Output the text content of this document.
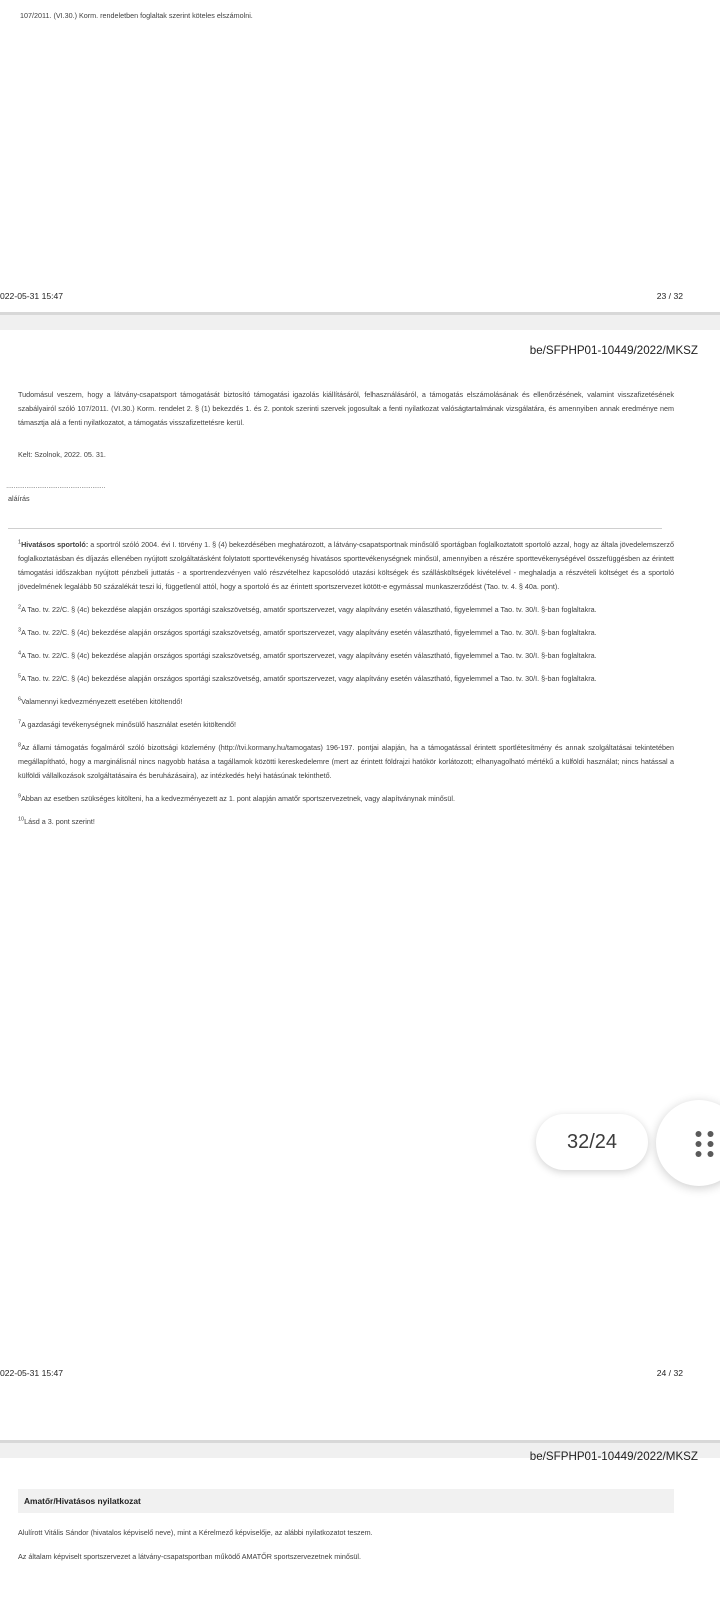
107/2011. (VI.30.) Korm. rendeletben foglaltak szerint köteles elszámolni.
022-05-31 15:47	23 / 32
be/SFPHP01-10449/2022/MKSZ
Tudomásul veszem, hogy a látvány-csapatsport támogatását biztosító támogatási igazolás kiállításáról, felhasználásáról, a támogatás elszámolásának és ellenőrzésének, valamint visszafizetésének szabályairól szóló 107/2011. (VI.30.) Korm. rendelet 2. § (1) bekezdés 1. és 2. pontok szerinti szervek jogosultak a fenti nyilatkozat valóságtartalmának vizsgálatára, és amennyiben annak eredménye nem támasztja alá a fenti nyilatkozatot, a támogatás visszafizettetésre kerül.
Kelt: Szolnok, 2022. 05. 31.
………………………………………………
aláírás

$^1$Hivatásos sportoló: a sportról szóló 2004. évi I. törvény 1. § (4) bekezdésében meghatározott, a látvány-csapatsportnak minősülő sportágban foglalkoztatott sportoló azzal, hogy az általa jövedelemszerző foglalkoztatásban és díjazás ellenében nyújtott szolgáltatásként folytatott sporttevékenység hivatásos sporttevékenységnek minősül, amennyiben a részére sporttevékenységével összefüggésben az érintett támogatási időszakban nyújtott pénzbeli juttatás - a sportrendezvényen való részvételhez kapcsolódó utazási költségek és szállásköltségek kivételével - meghaladja a részvételi költséget és a sportoló jövedelmének legalább 50 százalékát teszi ki, függetlenül attól, hogy a sportoló és az érintett sportszervezet kötött-e egymással munkaszerződést (Tao. tv. 4. § 40a. pont).

$^2$A Tao. tv. 22/C. § (4c) bekezdése alapján országos sportági szakszövetség, amatőr sportszervezet, vagy alapítvány esetén választható, figyelemmel a Tao. tv. 30/I. §-ban foglaltakra.

$^3$A Tao. tv. 22/C. § (4c) bekezdése alapján országos sportági szakszövetség, amatőr sportszervezet, vagy alapítvány esetén választható, figyelemmel a Tao. tv. 30/I. §-ban foglaltakra.

$^4$A Tao. tv. 22/C. § (4c) bekezdése alapján országos sportági szakszövetség, amatőr sportszervezet, vagy alapítvány esetén választható, figyelemmel a Tao. tv. 30/I. §-ban foglaltakra.

$^5$A Tao. tv. 22/C. § (4c) bekezdése alapján országos sportági szakszövetség, amatőr sportszervezet, vagy alapítvány esetén választható, figyelemmel a Tao. tv. 30/I. §-ban foglaltakra.

$^6$Valamennyi kedvezményezett esetében kitöltendő!

$^7$A gazdasági tevékenységnek minősülő használat esetén kitöltendő!

$^8$Az állami támogatás fogalmáról szóló bizottsági közlemény (http://tvi.kormany.hu/tamogatas) 196-197. pontjai alapján, ha a támogatással érintett sportlétesítmény és annak szolgáltatásai tekintetében megállapítható, hogy a marginálisnál nincs nagyobb hatása a tagállamok közötti kereskedelemre (mert az érintett földrajzi hatókör korlátozott; elhanyagolható mértékű a külföldi használat; nincs hatással a külföldi vállalkozások szolgáltatásaira és beruházásaira), az intézkedés helyi hatásúnak tekinthető.

$^9$Abban az esetben szükséges kitölteni, ha a kedvezményezett az 1. pont alapján amatőr sportszervezetnek, vagy alapítványnak minősül.

$^{10}$Lásd a 3. pont szerint!

022-05-31 15:47	24 / 32
be/SFPHP01-10449/2022/MKSZ
Amatőr/Hivatásos nyilatkozat
Alulírott Vitális Sándor (hivatalos képviselő neve), mint a Kérelmező képviselője, az alábbi nyilatkozatot teszem.
Az általam képviselt sportszervezet a látvány-csapatsportban működő AMATŐR sportszervezetnek minősül.
32/24
